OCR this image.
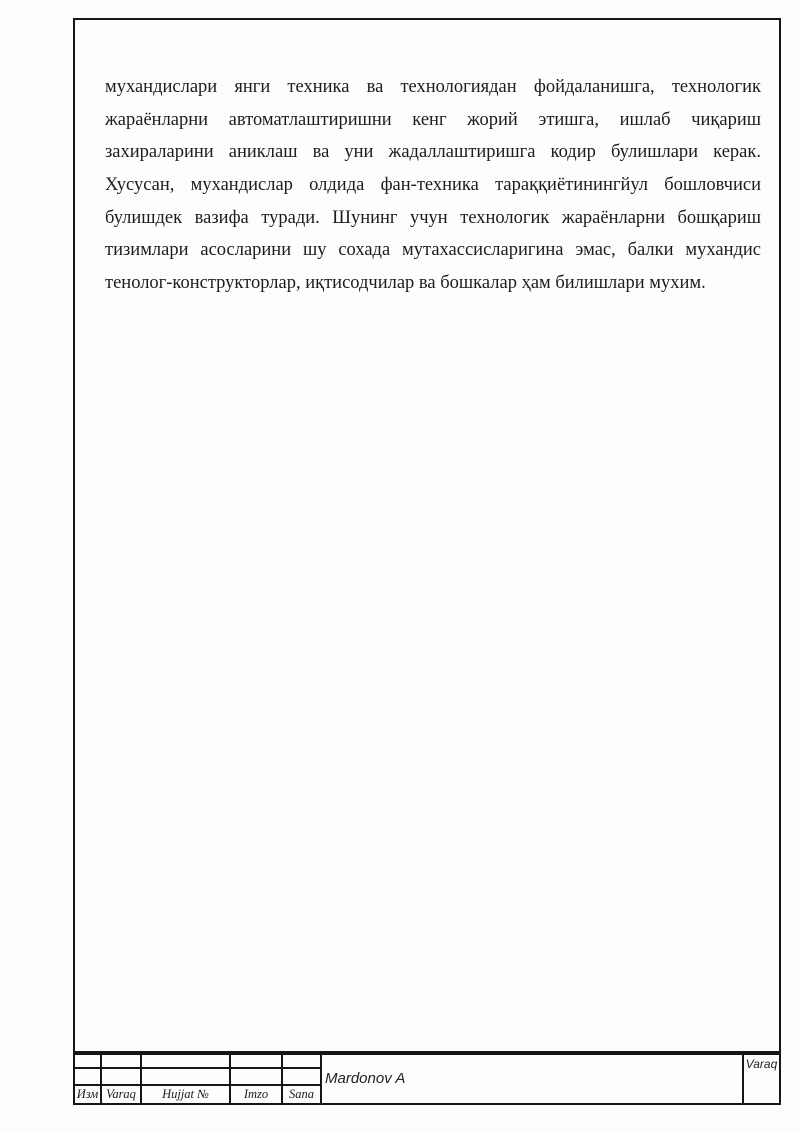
мухандислари янги техника ва технологиядан фойдаланишга, технологик
жараёнларни автоматлаштиришни кенг жорий этишга, ишлаб чиқариш
захираларини аниклаш ва уни жадаллаштиришга кодир булишлари керак.
Хусусан, мухандислар олдида фан-техника тараққиётинингйул бошловчиси
булишдек вазифа туради. Шунинг учун технологик жараёнларни бошқариш
тизимлари асосларини шу сохада мутахассисларигина эмас, балки мухандис
тенолог-конструкторлар, иқтисодчилар ва бошкалар ҳам билишлари мухим.
Изм Varaq	Hujjat №	Imzo	Sana
Mardonov A
Varaq
